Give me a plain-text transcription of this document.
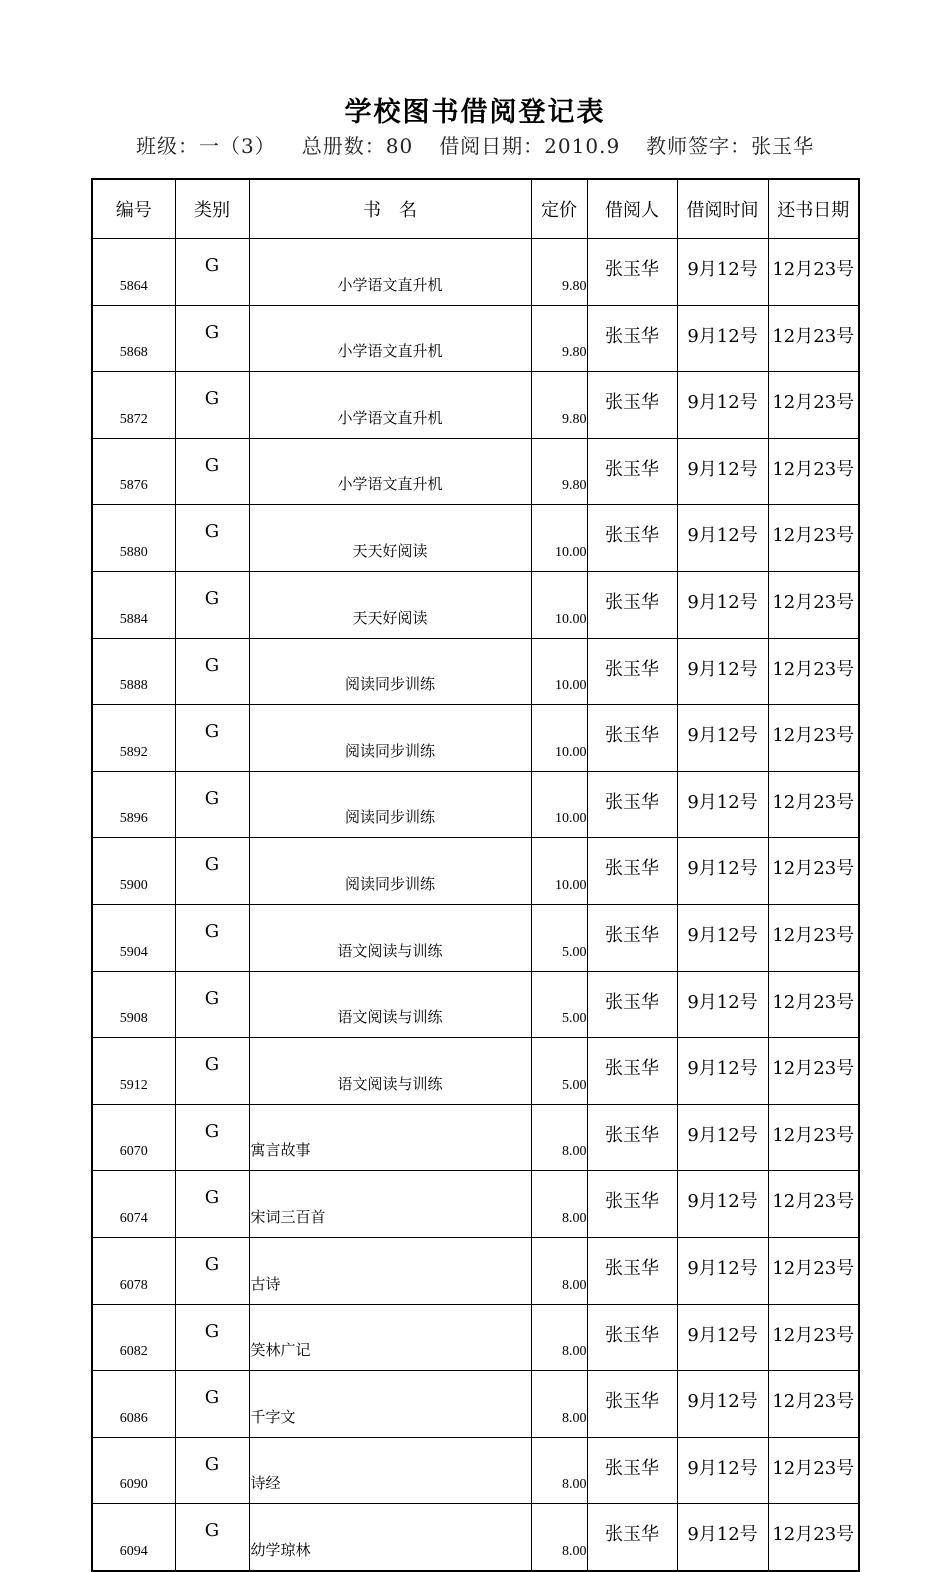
学校图书借阅登记表
班级：一（3） 总册数：80 借阅日期：2010.9 教师签字：张玉华
编号	类别	书　名	定价	借阅人	借阅时间	还书日期
5864	G	小学语文直升机	9.80	张玉华	9月12号	12月23号
5868	G	小学语文直升机	9.80	张玉华	9月12号	12月23号
5872	G	小学语文直升机	9.80	张玉华	9月12号	12月23号
5876	G	小学语文直升机	9.80	张玉华	9月12号	12月23号
5880	G	天天好阅读	10.00	张玉华	9月12号	12月23号
5884	G	天天好阅读	10.00	张玉华	9月12号	12月23号
5888	G	阅读同步训练	10.00	张玉华	9月12号	12月23号
5892	G	阅读同步训练	10.00	张玉华	9月12号	12月23号
5896	G	阅读同步训练	10.00	张玉华	9月12号	12月23号
5900	G	阅读同步训练	10.00	张玉华	9月12号	12月23号
5904	G	语文阅读与训练	5.00	张玉华	9月12号	12月23号
5908	G	语文阅读与训练	5.00	张玉华	9月12号	12月23号
5912	G	语文阅读与训练	5.00	张玉华	9月12号	12月23号
6070	G	寓言故事	8.00	张玉华	9月12号	12月23号
6074	G	宋词三百首	8.00	张玉华	9月12号	12月23号
6078	G	古诗	8.00	张玉华	9月12号	12月23号
6082	G	笑林广记	8.00	张玉华	9月12号	12月23号
6086	G	千字文	8.00	张玉华	9月12号	12月23号
6090	G	诗经	8.00	张玉华	9月12号	12月23号
6094	G	幼学琼林	8.00	张玉华	9月12号	12月23号
